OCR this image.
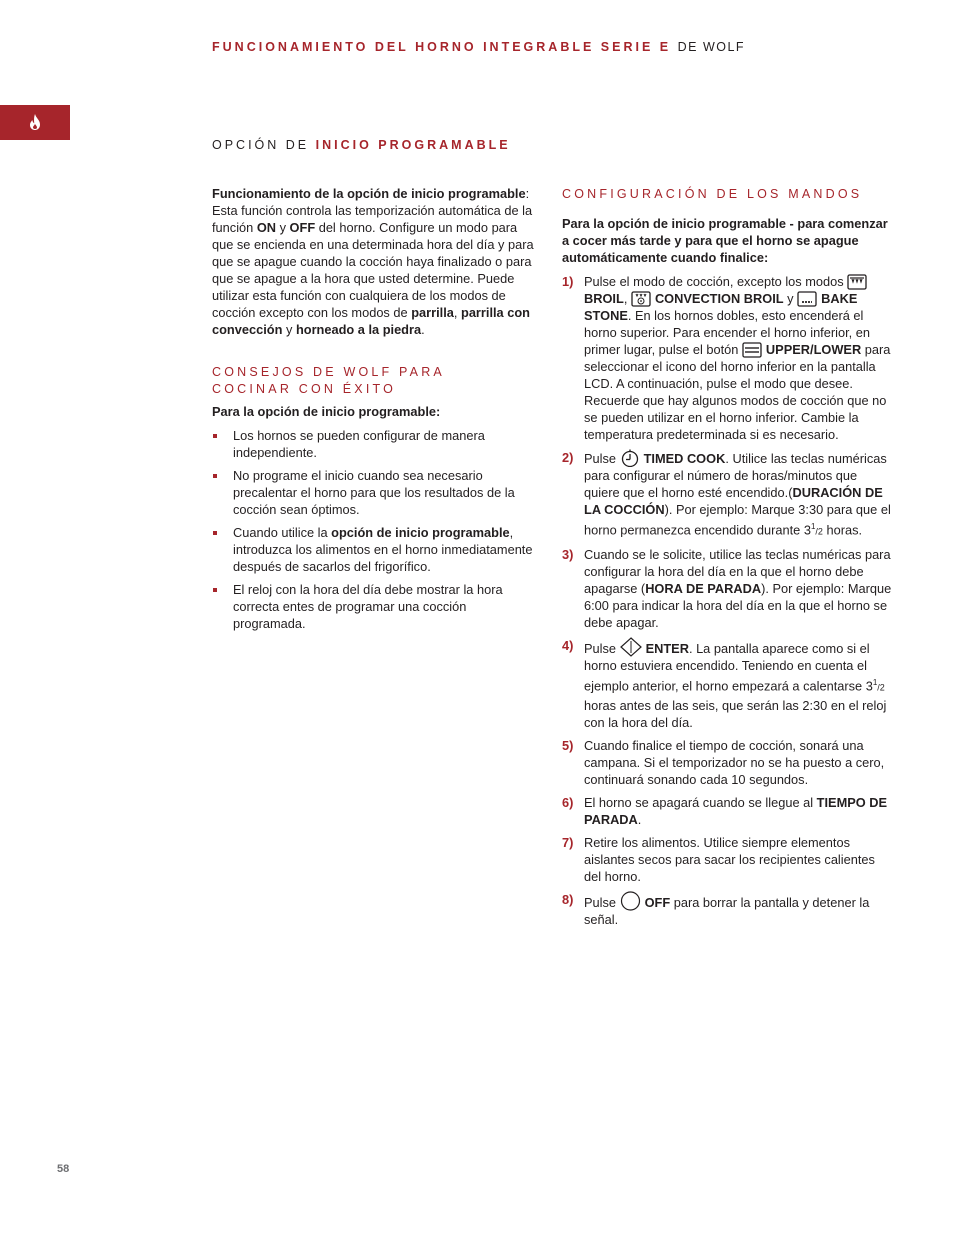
FUNCIONAMIENTO DEL HORNO INTEGRABLE SERIE E DE WOLF
OPCIÓN DE INICIO PROGRAMABLE

Funcionamiento de la opción de inicio programable: Esta función controla las temporización automática de la función ON y OFF del horno. Configure un modo para que se encienda en una determinada hora del día y para que se apague cuando la cocción haya finalizado o para que se apague a la hora que usted determine. Puede utilizar esta función con cualquiera de los modos de cocción excepto con los modos de parrilla, parrilla con convección y horneado a la piedra.

CONSEJOS DE WOLF PARA COCINAR CON ÉXITO

Para la opción de inicio programable:

Los hornos se pueden configurar de manera independiente.
No programe el inicio cuando sea necesario precalentar el horno para que los resultados de la cocción sean óptimos.
Cuando utilice la opción de inicio programable, introduzca los alimentos en el horno inmediatamente después de sacarlos del frigorífico.
El reloj con la hora del día debe mostrar la hora correcta entes de programar una cocción programada.

CONFIGURACIÓN DE LOS MANDOS

Para la opción de inicio programable - para comenzar a cocer más tarde y para que el horno se apague automáticamente cuando finalice:

1) Pulse el modo de cocción, excepto los modos BROIL, CONVECTION BROIL y BAKE STONE. En los hornos dobles, esto encenderá el horno superior. Para encender el horno inferior, en primer lugar, pulse el botón UPPER/LOWER para seleccionar el icono del horno inferior en la pantalla LCD. A continuación, pulse el modo que desee. Recuerde que hay algunos modos de cocción que no se pueden utilizar en el horno inferior. Cambie la temperatura predeterminada si es necesario.
2) Pulse TIMED COOK. Utilice las teclas numéricas para configurar el número de horas/minutos que quiere que el horno esté encendido.(DURACIÓN DE LA COCCIÓN). Por ejemplo: Marque 3:30 para que el horno permanezca encendido durante $3^1/2$ horas.
3) Cuando se le solicite, utilice las teclas numéricas para configurar la hora del día en la que el horno debe apagarse (HORA DE PARADA). Por ejemplo: Marque 6:00 para indicar la hora del día en la que el horno se debe apagar.
4) Pulse ENTER. La pantalla aparece como si el horno estuviera encendido. Teniendo en cuenta el ejemplo anterior, el horno empezará a calentarse $3^1/2$ horas antes de las seis, que serán las 2:30 en el reloj con la hora del día.
5) Cuando finalice el tiempo de cocción, sonará una campana. Si el temporizador no se ha puesto a cero, continuará sonando cada 10 segundos.
6) El horno se apagará cuando se llegue al TIEMPO DE PARADA.
7) Retire los alimentos. Utilice siempre elementos aislantes secos para sacar los recipientes calientes del horno.
8) Pulse OFF para borrar la pantalla y detener la señal.
58
